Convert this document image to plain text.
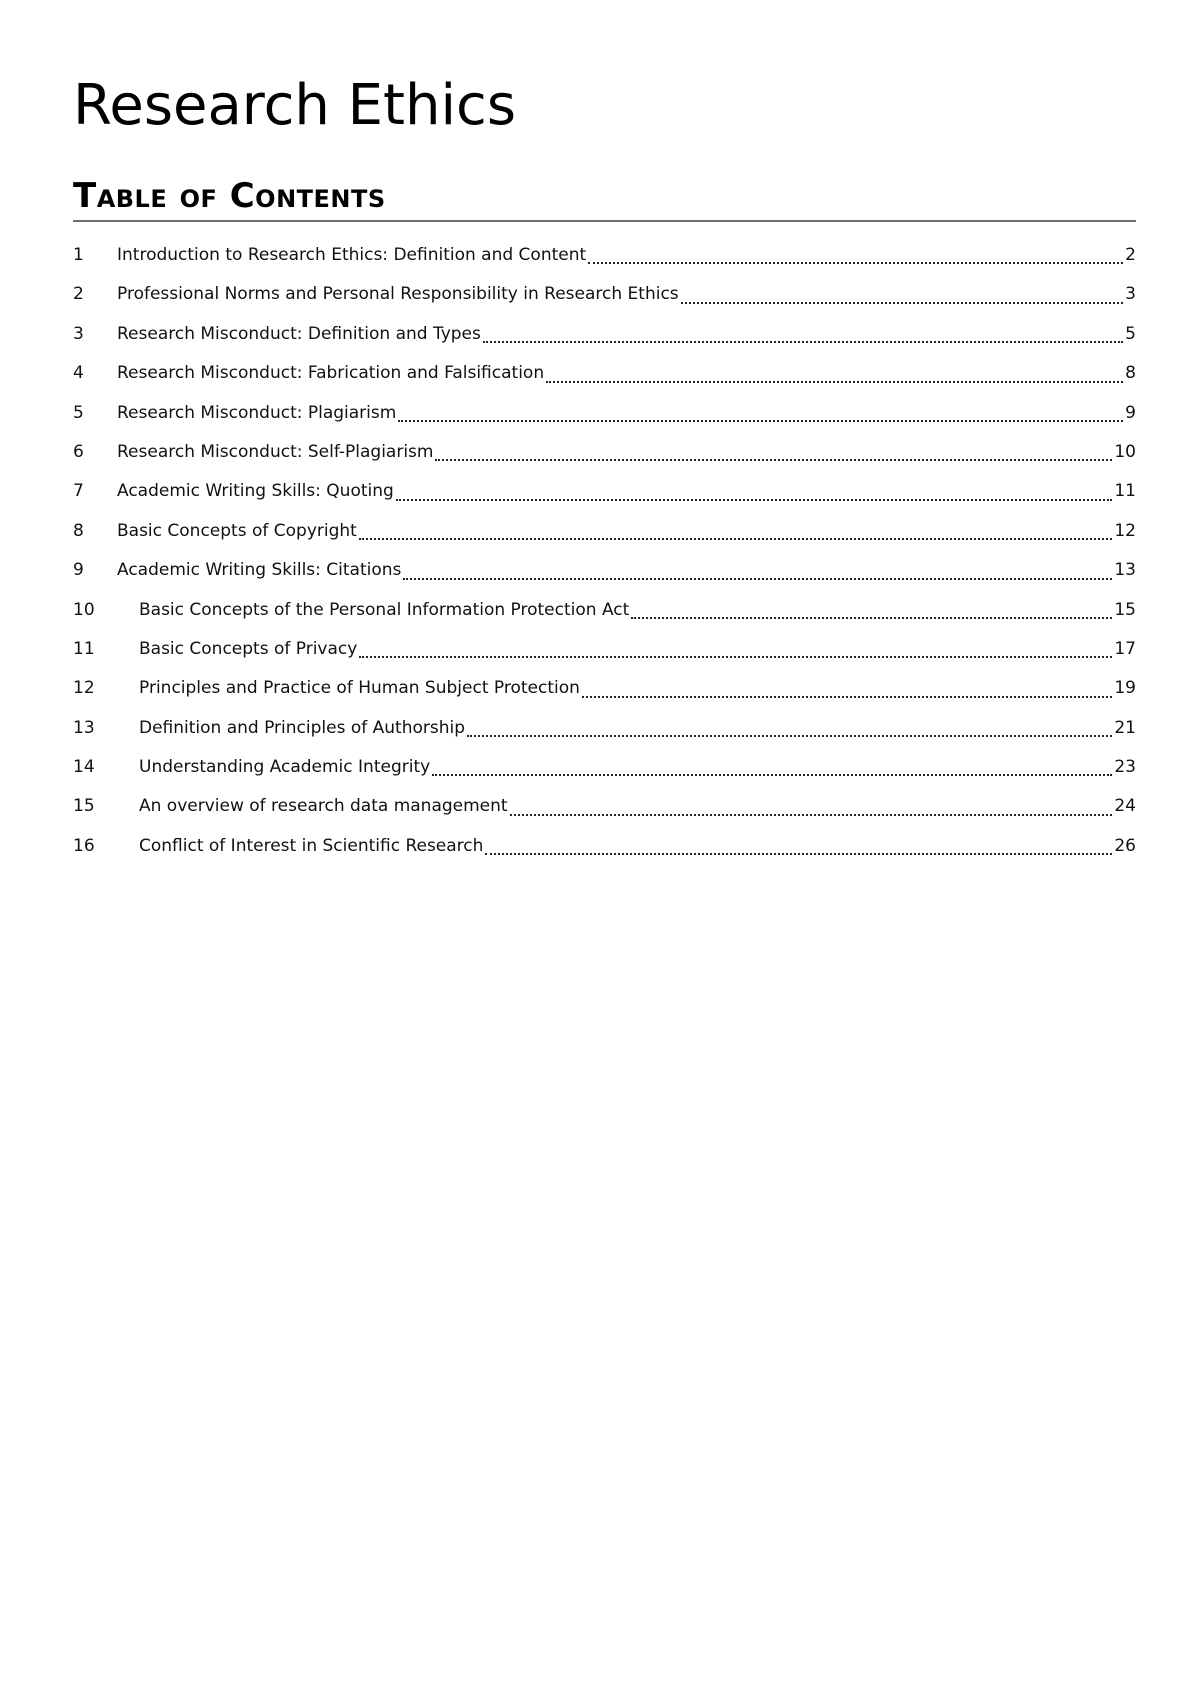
Research Ethics
Table of Contents
1	Introduction to Research Ethics: Definition and Content	2
2	Professional Norms and Personal Responsibility in Research Ethics	3
3	Research Misconduct: Definition and Types	5
4	Research Misconduct: Fabrication and Falsification	8
5	Research Misconduct: Plagiarism	9
6	Research Misconduct: Self-Plagiarism	10
7	Academic Writing Skills: Quoting	11
8	Basic Concepts of Copyright	12
9	Academic Writing Skills: Citations	13
10	Basic Concepts of the Personal Information Protection Act	15
11	Basic Concepts of Privacy	17
12	Principles and Practice of Human Subject Protection	19
13	Definition and Principles of Authorship	21
14	Understanding Academic Integrity	23
15	An overview of research data management	24
16	Conflict of Interest in Scientific Research	26
